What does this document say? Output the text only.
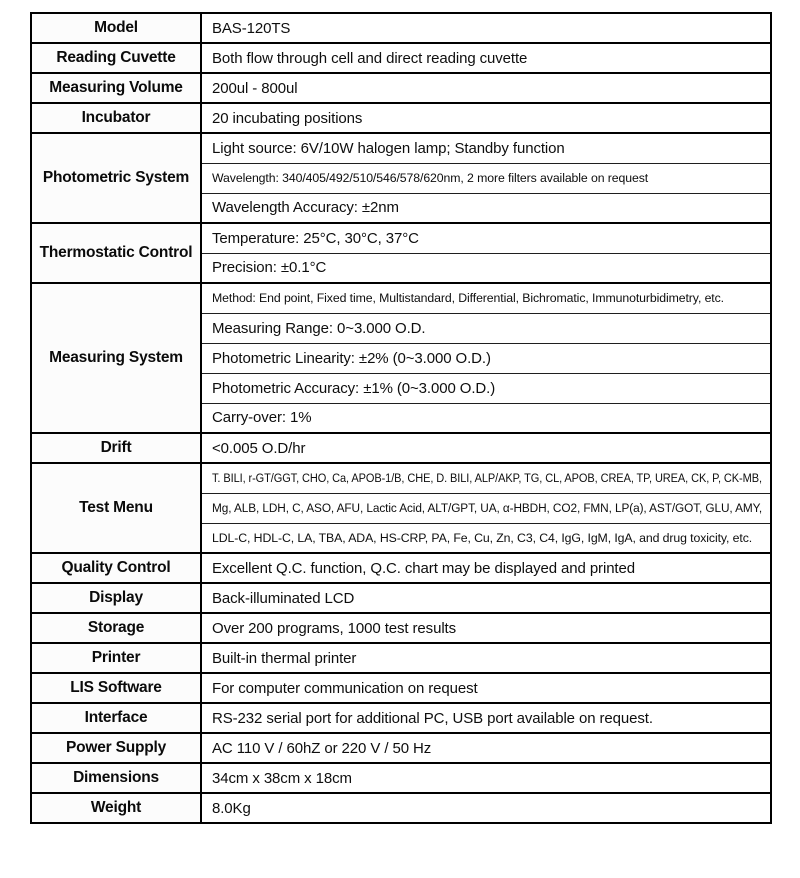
Model	BAS-120TS
Reading Cuvette	Both flow through cell and direct reading cuvette
Measuring Volume	200ul - 800ul
Incubator	20 incubating positions
Photometric System	Light source: 6V/10W halogen lamp; Standby function
	Wavelength: 340/405/492/510/546/578/620nm, 2 more filters available on request
	Wavelength Accuracy: ±2nm
Thermostatic Control	Temperature: 25°C, 30°C, 37°C
	Precision: ±0.1°C
Measuring System	Method: End point, Fixed time, Multistandard, Differential, Bichromatic, Immunoturbidimetry, etc.
	Measuring Range: 0~3.000 O.D.
	Photometric Linearity: ±2% (0~3.000 O.D.)
	Photometric Accuracy: ±1% (0~3.000 O.D.)
	Carry-over: 1%
Drift	<0.005 O.D/hr
Test Menu	T. BILI, r-GT/GGT, CHO, Ca, APOB-1/B, CHE, D. BILI, ALP/AKP, TG, CL, APOB, CREA, TP, UREA, CK, P, CK-MB,
	Mg, ALB, LDH, C, ASO, AFU, Lactic Acid, ALT/GPT, UA, α-HBDH, CO2, FMN, LP(a), AST/GOT, GLU, AMY,
	LDL-C, HDL-C, LA, TBA, ADA, HS-CRP, PA, Fe, Cu, Zn, C3, C4, IgG, IgM, IgA, and drug toxicity, etc.
Quality Control	Excellent Q.C. function, Q.C. chart may be displayed and printed
Display	Back-illuminated LCD
Storage	Over 200 programs, 1000 test results
Printer	Built-in thermal printer
LIS Software	For computer communication on request
Interface	RS-232 serial port for additional PC, USB port available on request.
Power Supply	AC 110 V / 60hZ or 220 V / 50 Hz
Dimensions	34cm x 38cm x 18cm
Weight	8.0Kg
